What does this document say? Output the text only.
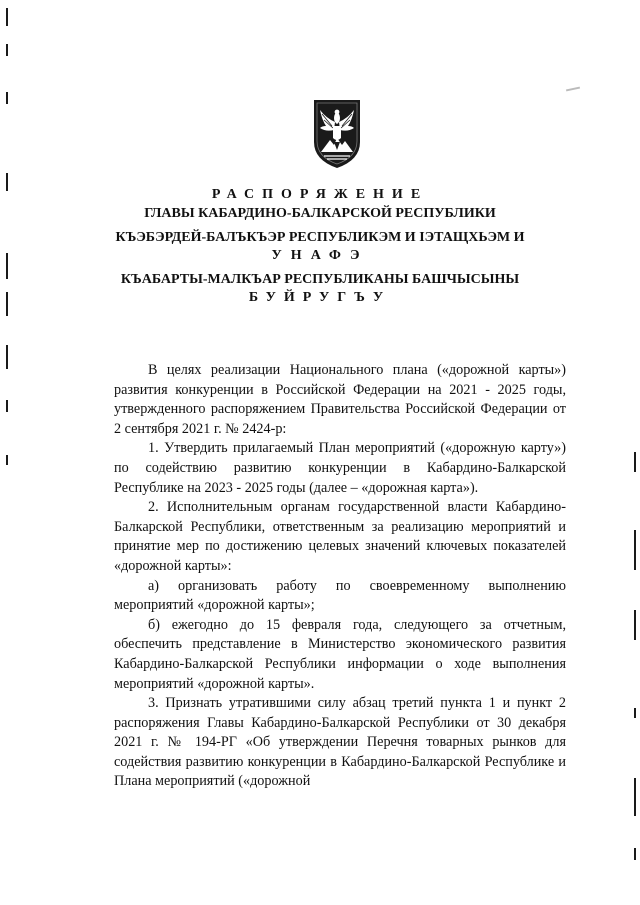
РАСПОРЯЖЕНИЕ
ГЛАВЫ КАБАРДИНО-БАЛКАРСКОЙ РЕСПУБЛИКИ
КЪЭБЭРДЕЙ-БАЛЪКЪЭР РЕСПУБЛИКЭМ И ІЭТАЩХЬЭМ И
УНАФЭ
КЪАБАРТЫ-МАЛКЪАР РЕСПУБЛИКАНЫ БАШЧЫСЫНЫ
БУЙРУГЪУ

В целях реализации Национального плана («дорожной карты») развития конкуренции в Российской Федерации на 2021 - 2025 годы, утвержденного распоряжением Правительства Российской Федерации от 2 сентября 2021 г. № 2424-р:

1. Утвердить прилагаемый План мероприятий («дорожную карту») по содействию развитию конкуренции в Кабардино-Балкарской Республике на 2023 - 2025 годы (далее – «дорожная карта»).

2. Исполнительным органам государственной власти Кабардино-Балкарской Республики, ответственным за реализацию мероприятий и принятие мер по достижению целевых значений ключевых показателей «дорожной карты»:

а) организовать работу по своевременному выполнению мероприятий «дорожной карты»;

б) ежегодно до 15 февраля года, следующего за отчетным, обеспечить представление в Министерство экономического развития Кабардино-Балкарской Республики информации о ходе выполнения мероприятий «дорожной карты».

3. Признать утратившими силу абзац третий пункта 1 и пункт 2 распоряжения Главы Кабардино-Балкарской Республики от 30 декабря 2021 г. № 194-РГ «Об утверждении Перечня товарных рынков для содействия развитию конкуренции в Кабардино-Балкарской Республике и Плана мероприятий («дорожной
